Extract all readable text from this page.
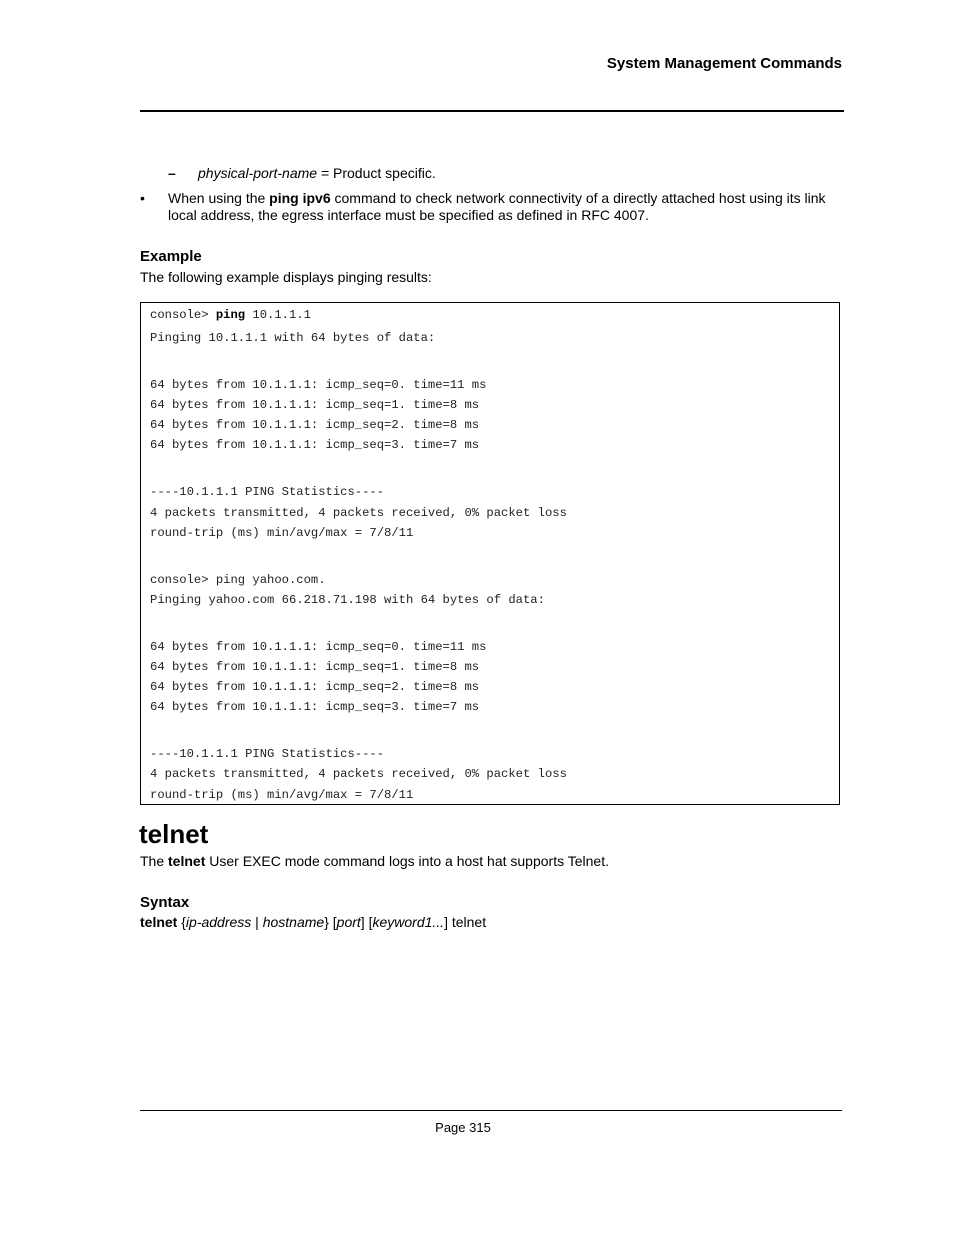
System Management Commands
– physical-port-name = Product specific.
• When using the ping ipv6 command to check network connectivity of a directly attached host using its link local address, the egress interface must be specified as defined in RFC 4007.
Example
The following example displays pinging results:
console> ping 10.1.1.1
Pinging 10.1.1.1 with 64 bytes of data:
64 bytes from 10.1.1.1: icmp_seq=0. time=11 ms
64 bytes from 10.1.1.1: icmp_seq=1. time=8 ms
64 bytes from 10.1.1.1: icmp_seq=2. time=8 ms
64 bytes from 10.1.1.1: icmp_seq=3. time=7 ms
----10.1.1.1 PING Statistics----
4 packets transmitted, 4 packets received, 0% packet loss
round-trip (ms) min/avg/max = 7/8/11
console> ping yahoo.com.
Pinging yahoo.com 66.218.71.198 with 64 bytes of data:
64 bytes from 10.1.1.1: icmp_seq=0. time=11 ms
64 bytes from 10.1.1.1: icmp_seq=1. time=8 ms
64 bytes from 10.1.1.1: icmp_seq=2. time=8 ms
64 bytes from 10.1.1.1: icmp_seq=3. time=7 ms
----10.1.1.1 PING Statistics----
4 packets transmitted, 4 packets received, 0% packet loss
round-trip (ms) min/avg/max = 7/8/11
telnet
The telnet User EXEC mode command logs into a host hat supports Telnet.
Syntax
telnet {ip-address | hostname} [port] [keyword1...] telnet
Page 315
